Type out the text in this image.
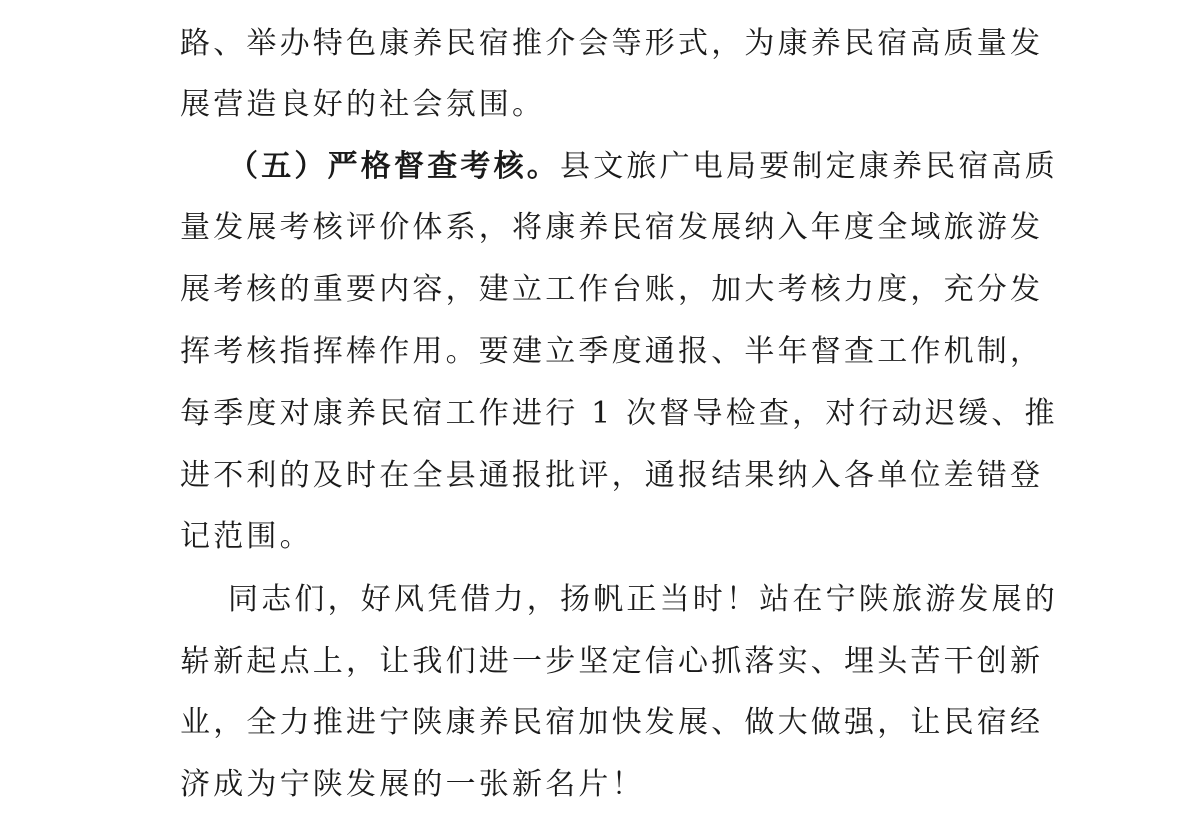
路、举办特色康养民宿推介会等形式，为康养民宿高质量发
展营造良好的社会氛围。
（五）严格督查考核。县文旅广电局要制定康养民宿高质
量发展考核评价体系，将康养民宿发展纳入年度全域旅游发
展考核的重要内容，建立工作台账，加大考核力度，充分发
挥考核指挥棒作用。要建立季度通报、半年督查工作机制，
每季度对康养民宿工作进行 1 次督导检查，对行动迟缓、推
进不利的及时在全县通报批评，通报结果纳入各单位差错登
记范围。
同志们，好风凭借力，扬帆正当时！站在宁陕旅游发展的
崭新起点上，让我们进一步坚定信心抓落实、埋头苦干创新
业，全力推进宁陕康养民宿加快发展、做大做强，让民宿经
济成为宁陕发展的一张新名片！
